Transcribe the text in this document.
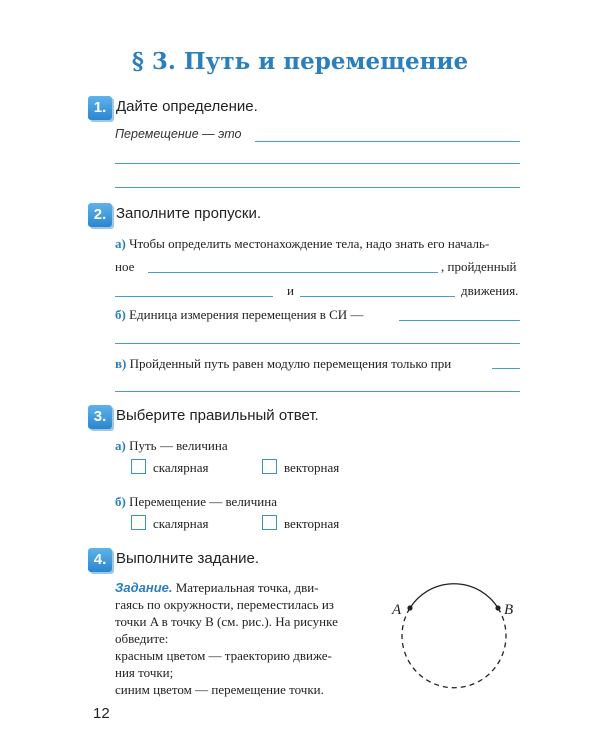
§ 3. Путь и перемещение
1. Дайте определение.
Перемещение — это
2. Заполните пропуски.
а) Чтобы определить местонахождение тела, надо знать его началь-
ное	, пройденный
и	движения.
б) Единица измерения перемещения в СИ —
в) Пройденный путь равен модулю перемещения только при
3. Выберите правильный ответ.
а) Путь — величина
скалярная	векторная
б) Перемещение — величина
скалярная	векторная
4. Выполните задание.
Задание. Материальная точка, дви-
гаясь по окружности, переместилась из
точки A в точку B (см. рис.). На рисунке
обведите:
красным цветом — траекторию движе-
ния точки;
синим цветом — перемещение точки.
A	B
12
